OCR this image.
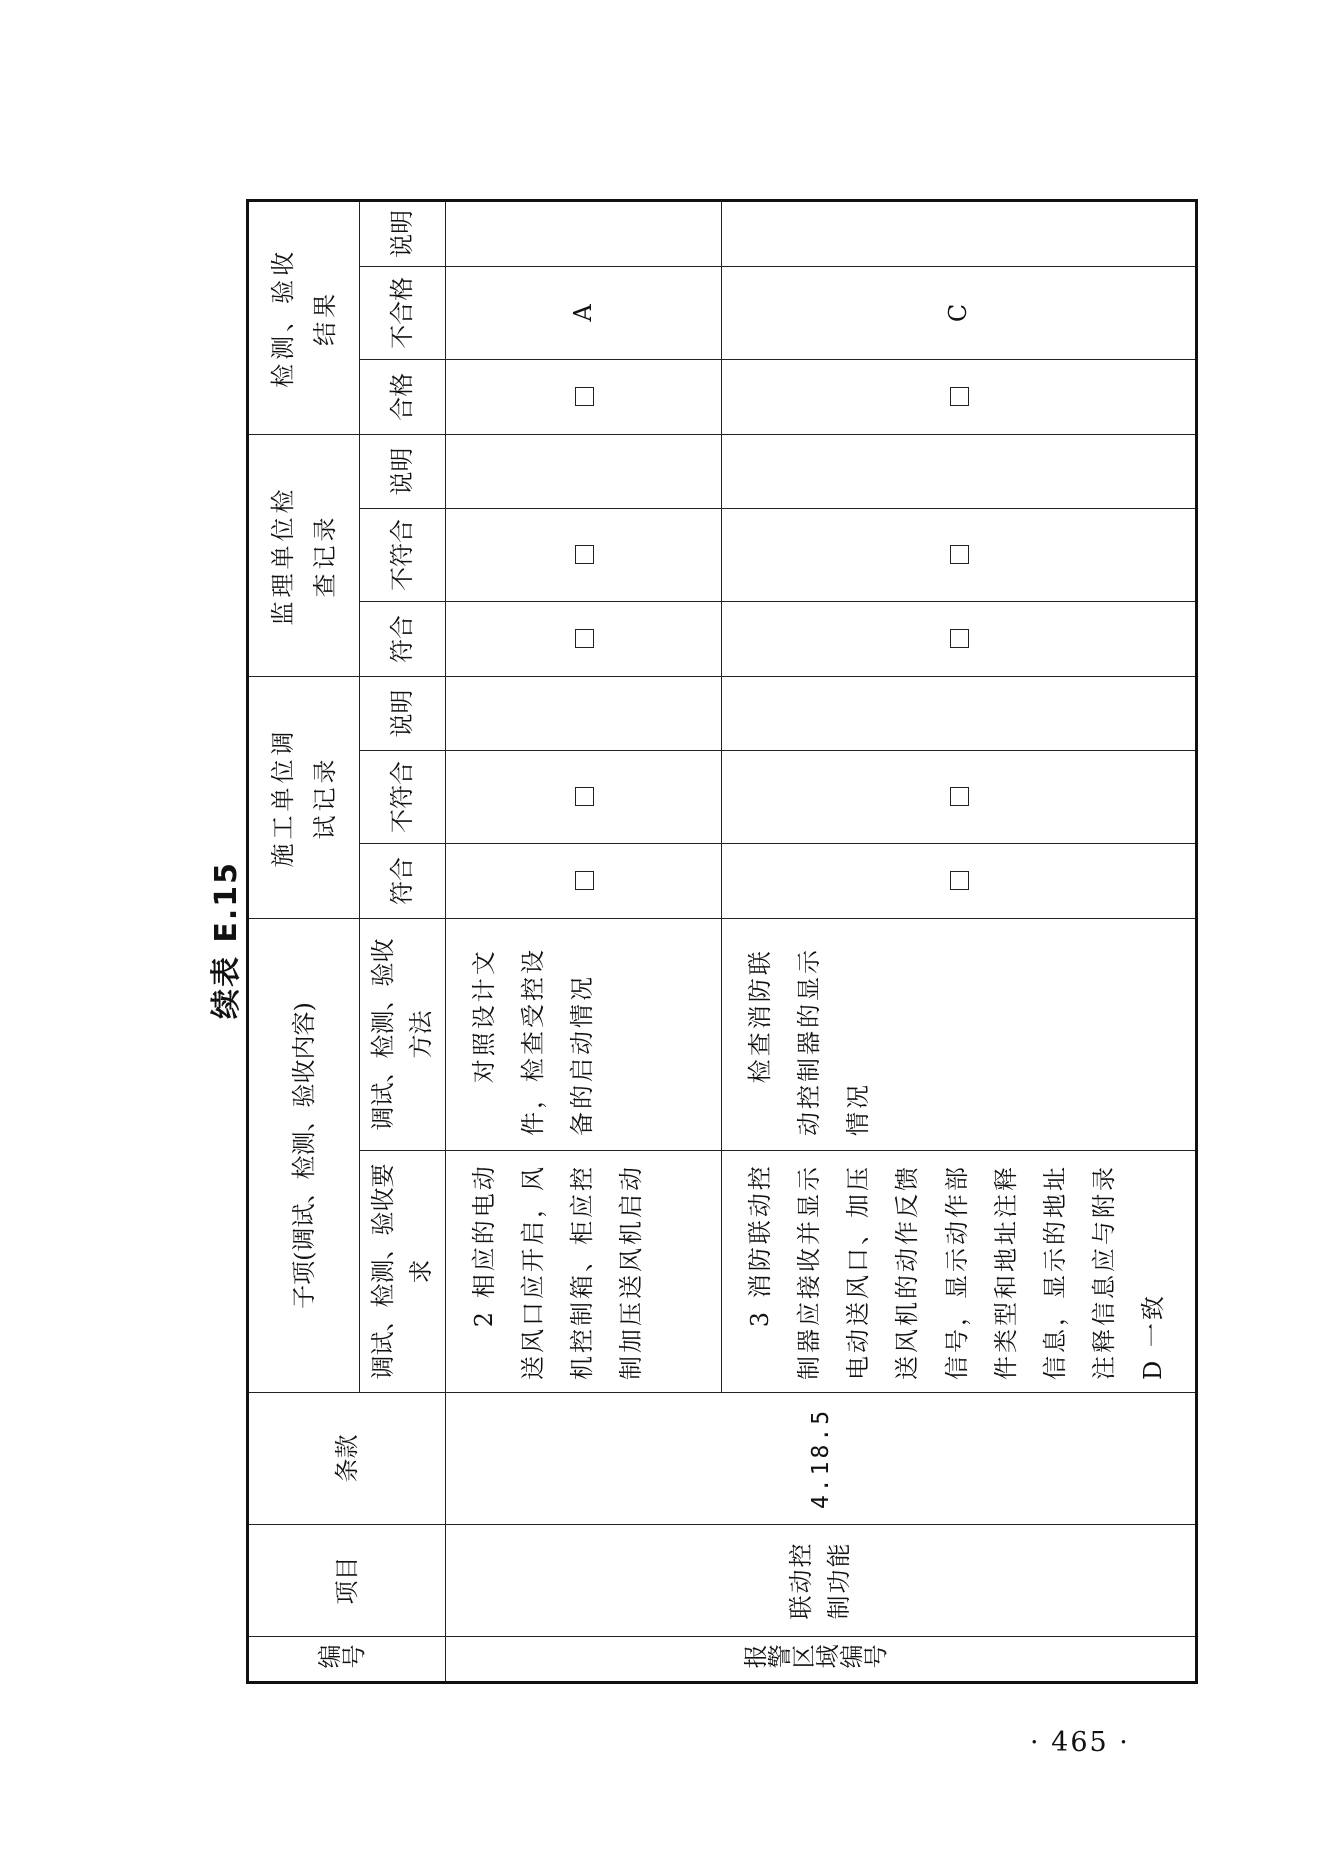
续表 E.15
编号	项目	条款	子项(调试、检测、验收内容)		施工单位调试记录			监理单位检查记录			检测、验收结果		

			调试、检测、验收要求	调试、检测、验收方法	符合	不符合	说明	符合	不符合	说明	合格	不合格	说明
报警区域编号	联动控制功能	4.18.5	2 相应的电动送风口应开启，风机控制箱、柜应控制加压送风机启动	对照设计文件，检查受控设备的启动情况								A	

			3 消防联动控制器应接收并显示电动送风口、加压送风机的动作反馈信号，显示动作部件类型和地址注释信息，显示的地址注释信息应与附录 D 一致	检查消防联动控制器的显示情况								C	
· 465 ·
